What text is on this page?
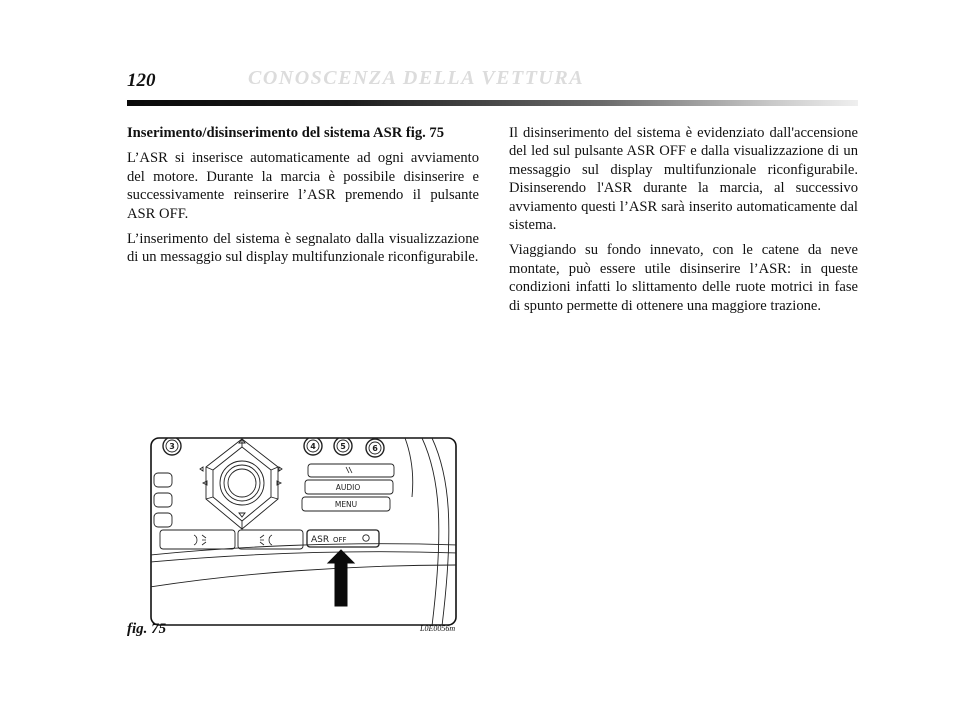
120	CONOSCENZA DELLA VETTURA

Inserimento/disinserimento del sistema ASR fig. 75

L’ASR si inserisce automaticamente ad ogni avviamento del motore. Durante la marcia è possibile disinserire e successivamente reinserire l’ASR premendo il pulsante ASR OFF.

L’inserimento del sistema è segnalato dalla visualizzazione di un messaggio sul display multifunzionale riconfigurabile.

Il disinserimento del sistema è evidenziato dall'accensione del led sul pulsante ASR OFF e dalla visualizzazione di un messaggio sul display multifunzionale riconfigurabile. Disinserendo l'ASR durante la marcia, al successivo avviamento questi l’ASR sarà inserito automaticamente dal sistema.

Viaggiando su fondo innevato, con le catene da neve montate, può essere utile disinserire l’ASR: in queste condizioni infatti lo slittamento delle ruote motrici in fase di spunto permette di ottenere una maggiore trazione.

3	4	5	6
AUDIO
MENU
ASR OFF
fig. 75	L0E0056m
